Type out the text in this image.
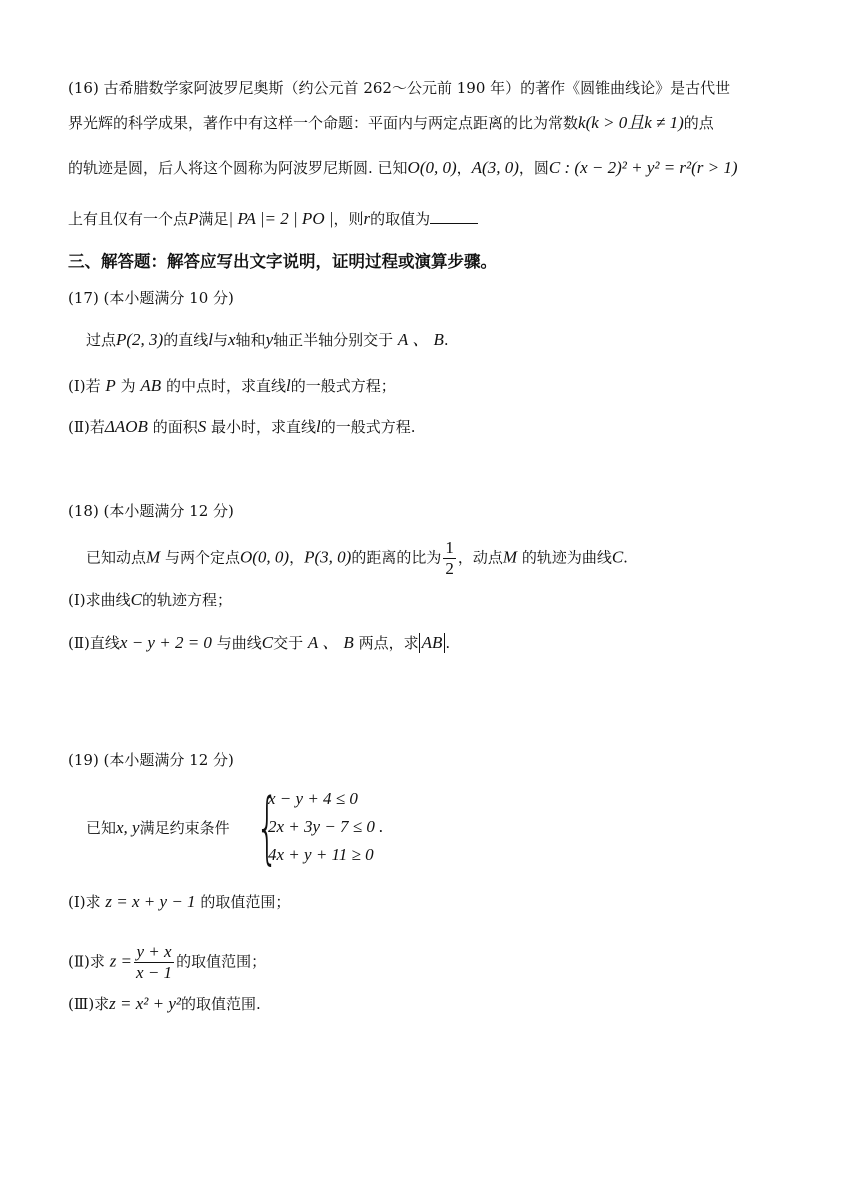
(16) 古希腊数学家阿波罗尼奥斯（约公元首 262～公元前 190 年）的著作《圆锥曲线论》是古代世
界光辉的科学成果，著作中有这样一个命题：平面内与两定点距离的比为常数k(k > 0且k ≠ 1)的点
的轨迹是圆，后人将这个圆称为阿波罗尼斯圆. 已知O(0, 0)，A(3, 0)，圆C : (x − 2)² + y² = r²(r > 1)
上有且仅有一个点P满足| PA |= 2 | PO |，则r的取值为
三、解答题：解答应写出文字说明，证明过程或演算步骤。
(17) (本小题满分 10 分)
过点P(2, 3)的直线l与x轴和y轴正半轴分别交于 A 、 B.
(Ⅰ)若 P 为 AB 的中点时，求直线l的一般式方程；
(Ⅱ)若ΔAOB 的面积S 最小时，求直线l的一般式方程.
(18) (本小题满分 12 分)
已知动点M 与两个定点O(0, 0)，P(3, 0)的距离的比为 $\frac{1}{2}$ ，动点M 的轨迹为曲线C.
(Ⅰ)求曲线C的轨迹方程；
(Ⅱ)直线x − y + 2 = 0 与曲线C交于 A 、 B 两点，求 AB .
(19) (本小题满分 12 分)
已知x, y满足约束条件 {
x − y + 4 ≤ 0
2x + 3y − 7 ≤ 0 .
4x + y + 11 ≥ 0
(Ⅰ)求 z = x + y − 1 的取值范围；
(Ⅱ)求 $z = \frac{y + x}{x - 1}$ 的取值范围；
(Ⅲ)求z = x² + y²的取值范围.
